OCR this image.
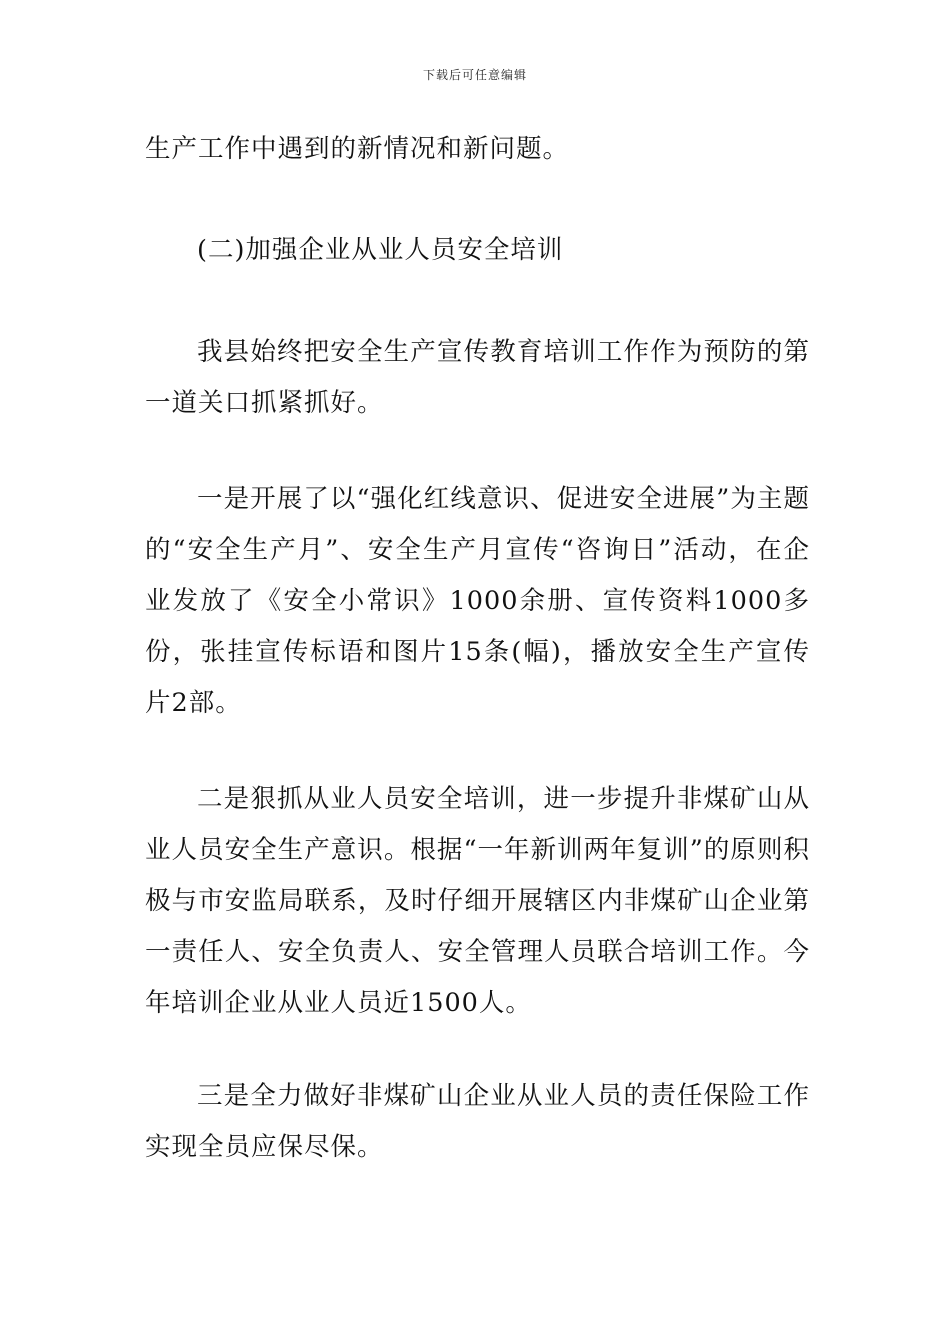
下载后可任意编辑

生产工作中遇到的新情况和新问题。

(二)加强企业从业人员安全培训

我县始终把安全生产宣传教育培训工作作为预防的第一道关口抓紧抓好。

一是开展了以“强化红线意识、促进安全进展”为主题的“安全生产月”、安全生产月宣传“咨询日”活动，在企业发放了《安全小常识》1000余册、宣传资料1000多份，张挂宣传标语和图片15条(幅)，播放安全生产宣传片2部。

二是狠抓从业人员安全培训，进一步提升非煤矿山从业人员安全生产意识。根据“一年新训两年复训”的原则积极与市安监局联系，及时仔细开展辖区内非煤矿山企业第一责任人、安全负责人、安全管理人员联合培训工作。今年培训企业从业人员近1500人。

三是全力做好非煤矿山企业从业人员的责任保险工作实现全员应保尽保。
